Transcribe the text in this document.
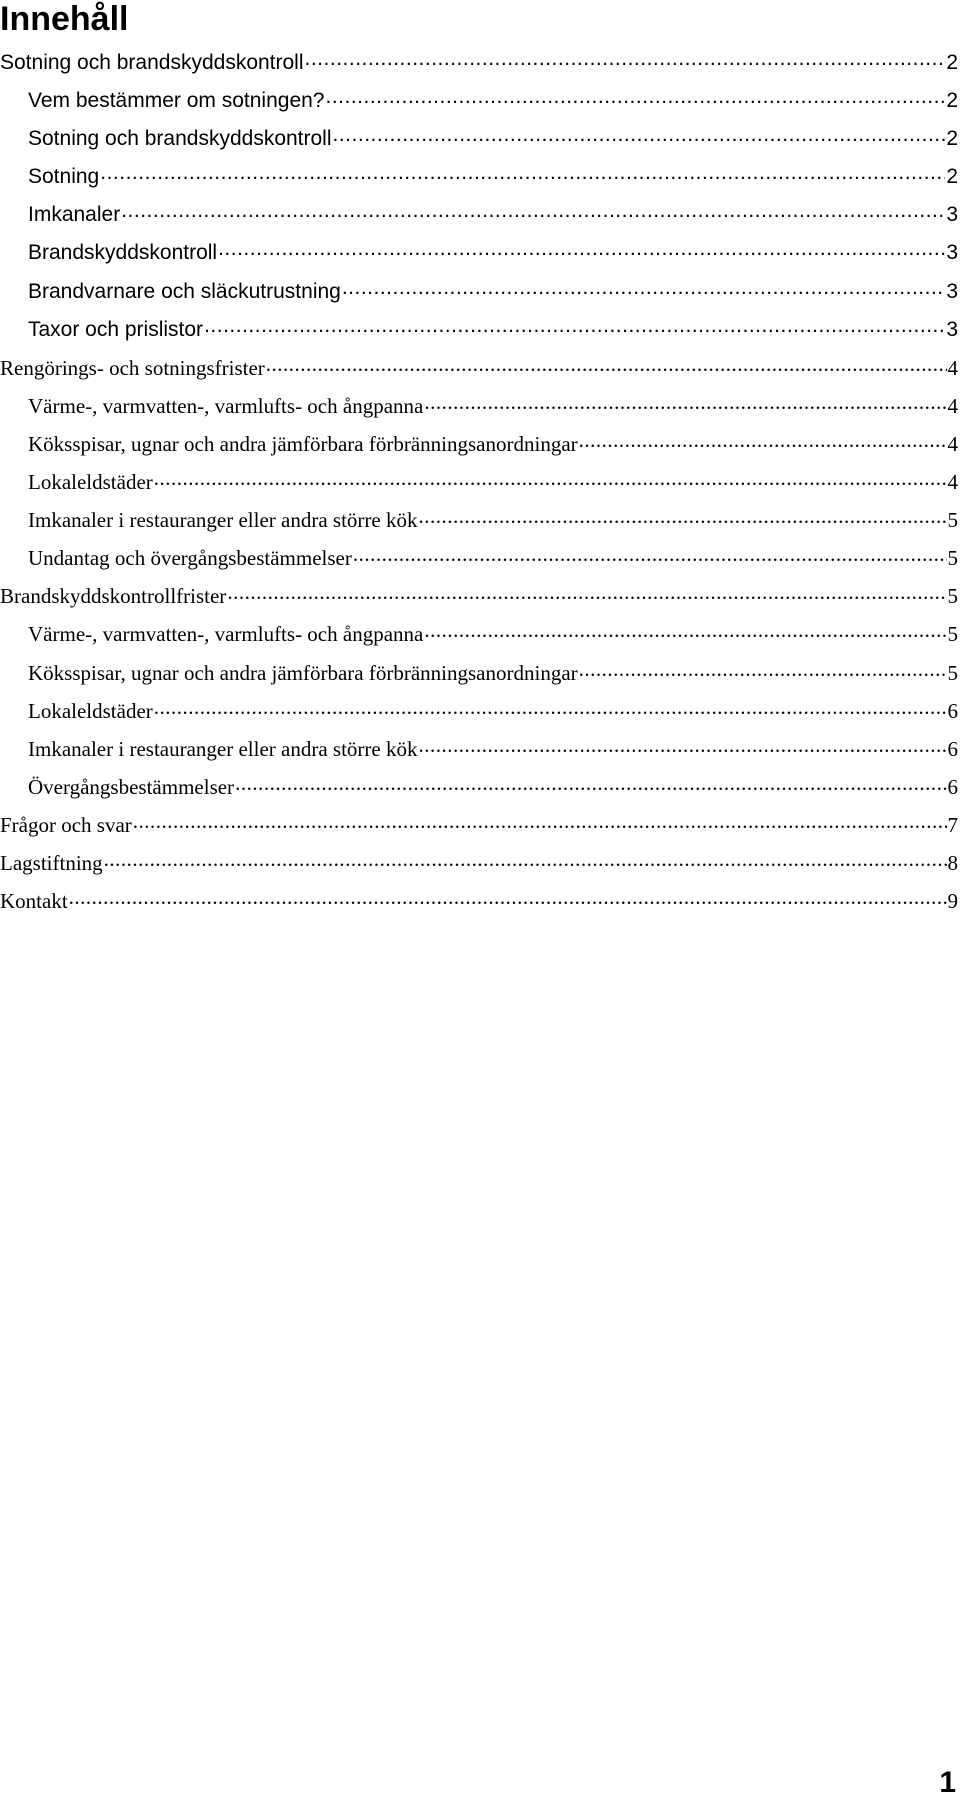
Innehåll
Sotning och brandskyddskontroll .....	2
Vem bestämmer om sotningen? .....	2
Sotning och brandskyddskontroll .....	2
Sotning .....	2
Imkanaler .....	3
Brandskyddskontroll .....	3
Brandvarnare och släckutrustning .....	3
Taxor och prislistor .....	3
Rengörings- och sotningsfrister .....	4
Värme-, varmvatten-, varmlufts- och ångpanna .....	4
Köksspisar, ugnar och andra jämförbara förbränningsanordningar .....	4
Lokaleldstäder .....	4
Imkanaler i restauranger eller andra större kök .....	5
Undantag och övergångsbestämmelser .....	5
Brandskyddskontrollfrister .....	5
Värme-, varmvatten-, varmlufts- och ångpanna .....	5
Köksspisar, ugnar och andra jämförbara förbränningsanordningar .....	5
Lokaleldstäder .....	6
Imkanaler i restauranger eller andra större kök .....	6
Övergångsbestämmelser .....	6
Frågor och svar .....	7
Lagstiftning .....	8
Kontakt .....	9
1
